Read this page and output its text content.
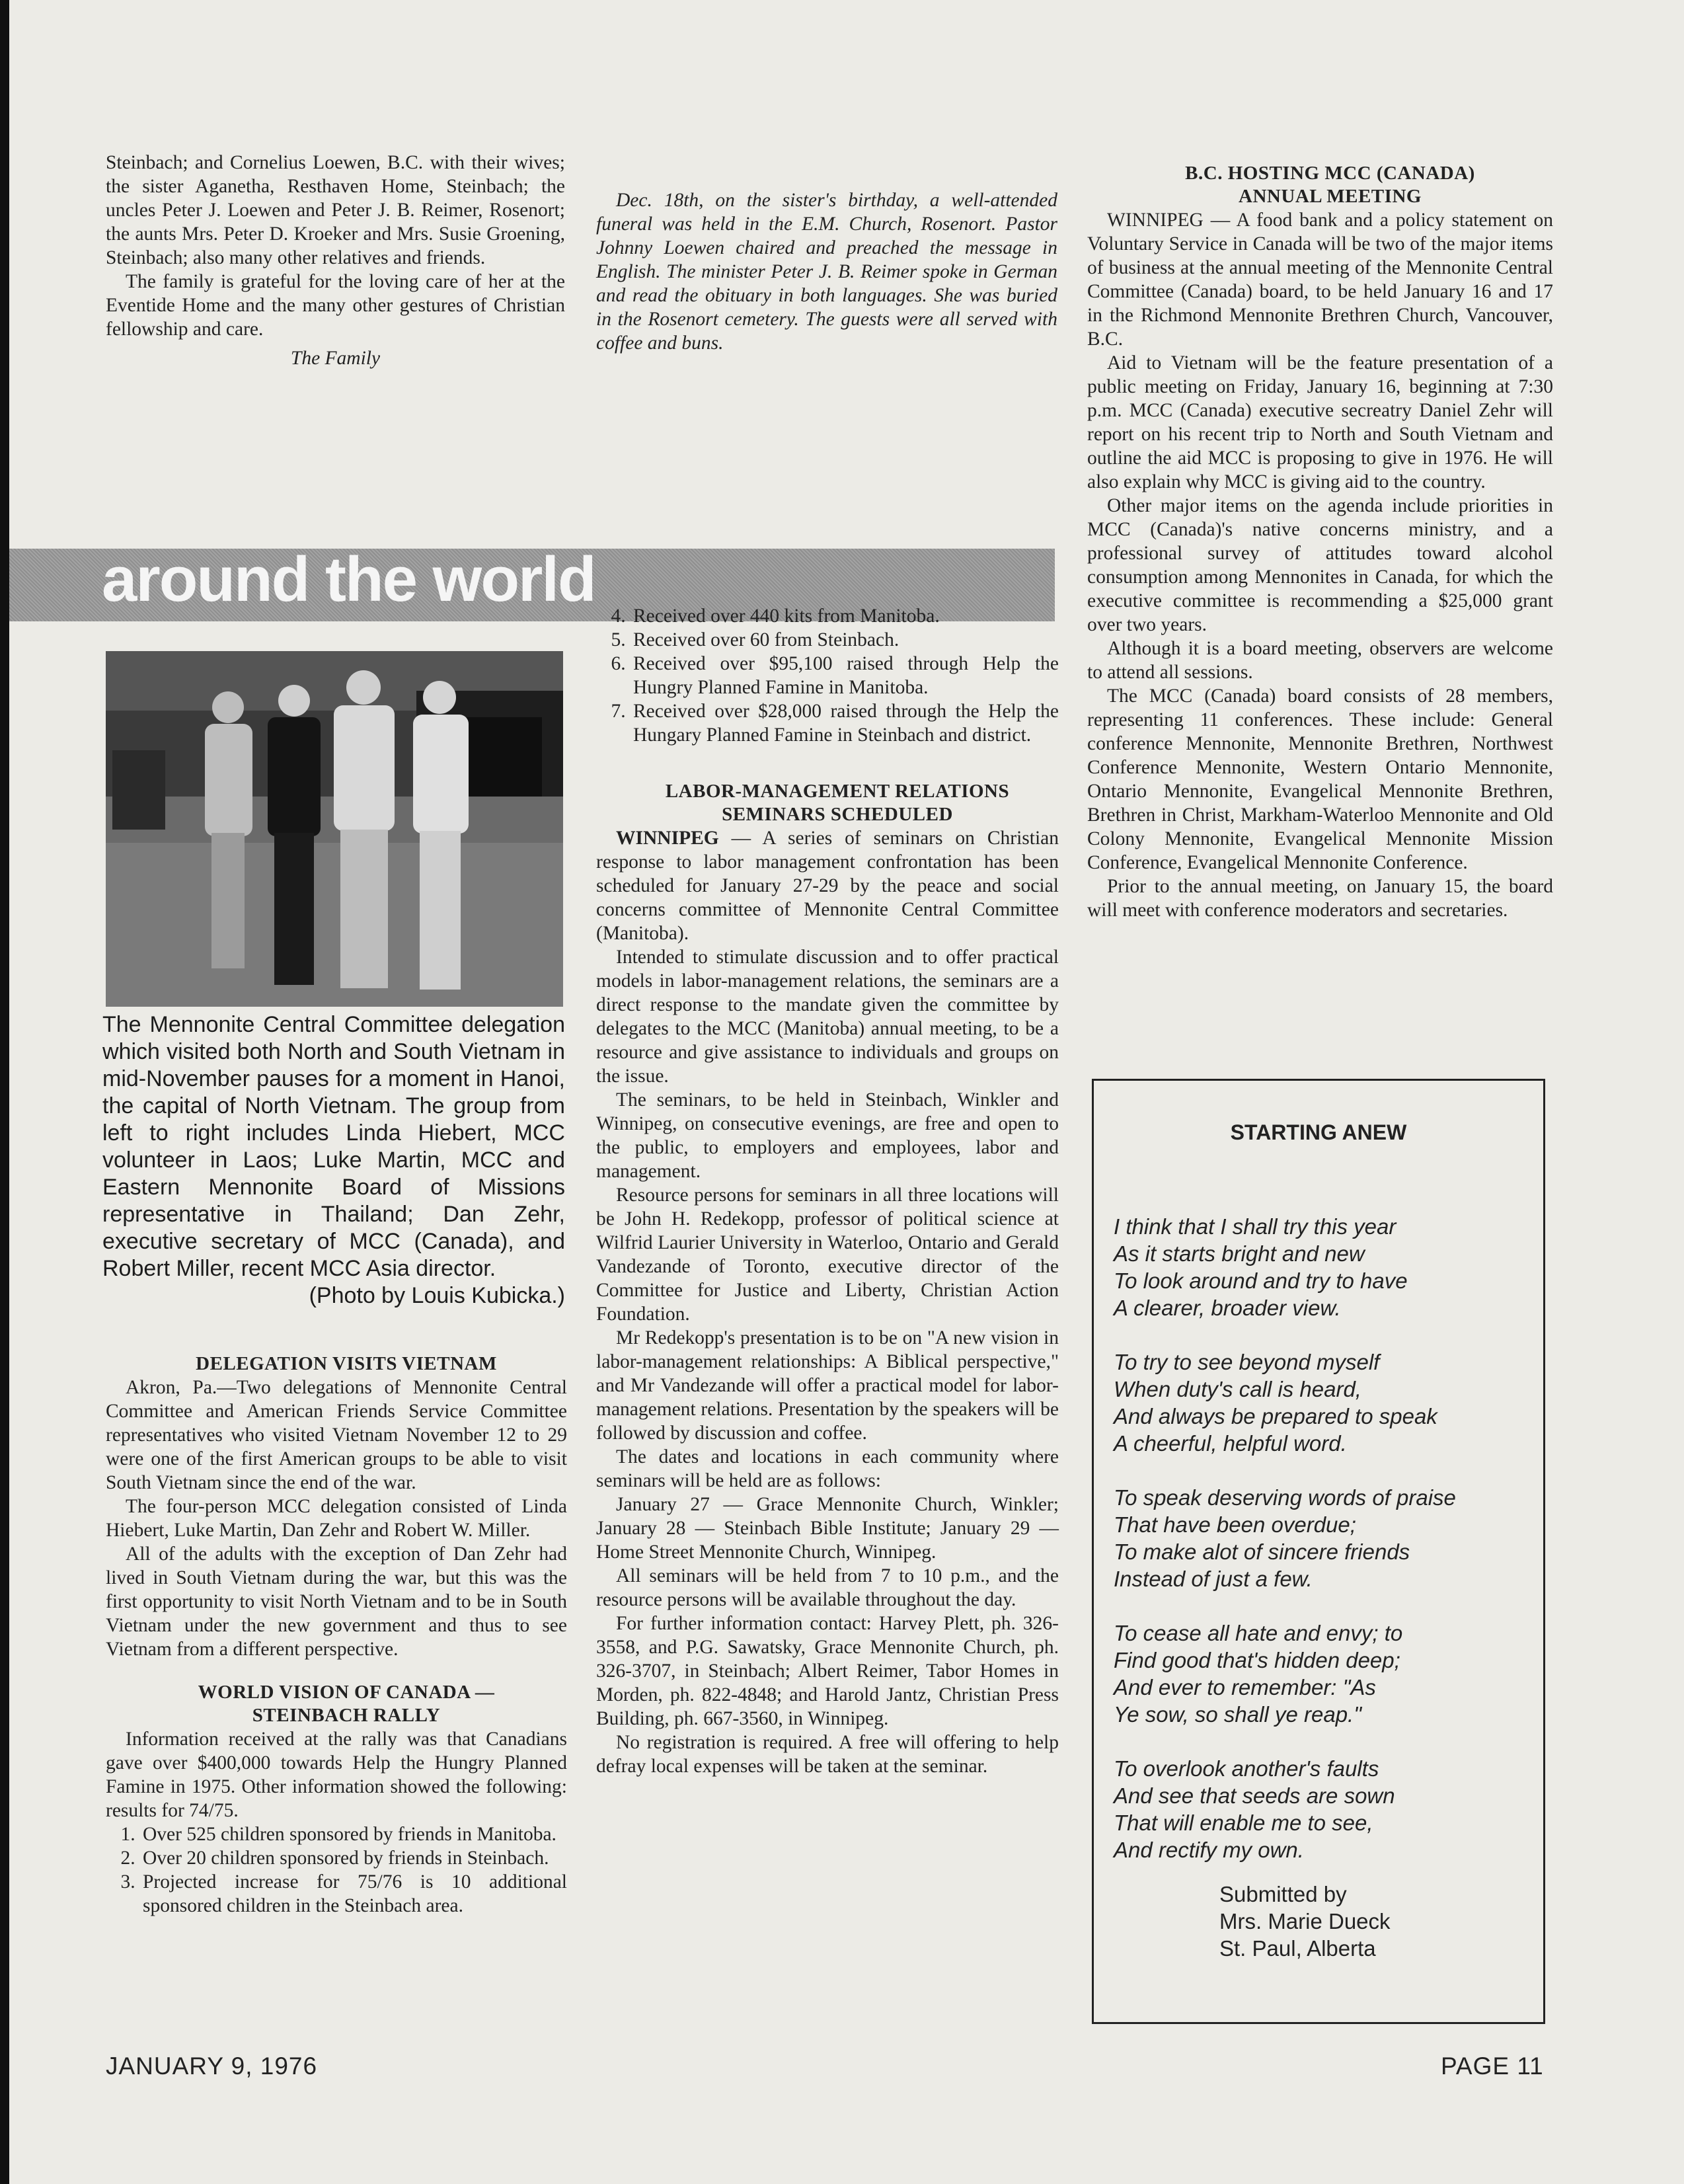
Steinbach; and Cornelius Loewen, B.C. with their wives; the sister Aganetha, Resthaven Home, Steinbach; the uncles Peter J. Loewen and Peter J. B. Reimer, Rosenort; the aunts Mrs. Peter D. Kroeker and Mrs. Susie Groening, Steinbach; also many other relatives and friends.

The family is grateful for the loving care of her at the Eventide Home and the many other gestures of Christian fellowship and care.

The Family

Dec. 18th, on the sister's birthday, a well-attended funeral was held in the E.M. Church, Rosenort. Pastor Johnny Loewen chaired and preached the message in English. The minister Peter J. B. Reimer spoke in German and read the obituary in both languages. She was buried in the Rosenort cemetery. The guests were all served with coffee and buns.

around the world
The Mennonite Central Committee delegation which visited both North and South Vietnam in mid-November pauses for a moment in Hanoi, the capital of North Vietnam. The group from left to right includes Linda Hiebert, MCC volunteer in Laos; Luke Martin, MCC and Eastern Mennonite Board of Missions representative in Thailand; Dan Zehr, executive secretary of MCC (Canada), and Robert Miller, recent MCC Asia director.
(Photo by Louis Kubicka.)

DELEGATION VISITS VIETNAM

Akron, Pa.—Two delegations of Mennonite Central Committee and American Friends Service Committee representatives who visited Vietnam November 12 to 29 were one of the first American groups to be able to visit South Vietnam since the end of the war.

The four-person MCC delegation consisted of Linda Hiebert, Luke Martin, Dan Zehr and Robert W. Miller.

All of the adults with the exception of Dan Zehr had lived in South Vietnam during the war, but this was the first opportunity to visit North Vietnam and to be in South Vietnam under the new government and thus to see Vietnam from a different perspective.

WORLD VISION OF CANADA —

STEINBACH RALLY

Information received at the rally was that Canadians gave over $400,000 towards Help the Hungry Planned Famine in 1975. Other information showed the following: results for 74/75.

1. Over 525 children sponsored by friends in Manitoba.
2. Over 20 children sponsored by friends in Steinbach.
3. Projected increase for 75/76 is 10 additional sponsored children in the Steinbach area.
4. Received over 440 kits from Manitoba.
5. Received over 60 from Steinbach.
6. Received over $95,100 raised through Help the Hungry Planned Famine in Manitoba.
7. Received over $28,000 raised through the Help the Hungary Planned Famine in Steinbach and district.

LABOR-MANAGEMENT RELATIONS

SEMINARS SCHEDULED

WINNIPEG — A series of seminars on Christian response to labor management confrontation has been scheduled for January 27-29 by the peace and social concerns committee of Mennonite Central Committee (Manitoba).

Intended to stimulate discussion and to offer practical models in labor-management relations, the seminars are a direct response to the mandate given the committee by delegates to the MCC (Manitoba) annual meeting, to be a resource and give assistance to individuals and groups on the issue.

The seminars, to be held in Steinbach, Winkler and Winnipeg, on consecutive evenings, are free and open to the public, to employers and employees, labor and management.

Resource persons for seminars in all three locations will be John H. Redekopp, professor of political science at Wilfrid Laurier University in Waterloo, Ontario and Gerald Vandezande of Toronto, executive director of the Committee for Justice and Liberty, Christian Action Foundation.

Mr Redekopp's presentation is to be on "A new vision in labor-management relationships: A Biblical perspective," and Mr Vandezande will offer a practical model for labor-management relations. Presentation by the speakers will be followed by discussion and coffee.

The dates and locations in each community where seminars will be held are as follows:

January 27 — Grace Mennonite Church, Winkler; January 28 — Steinbach Bible Institute; January 29 — Home Street Mennonite Church, Winnipeg.

All seminars will be held from 7 to 10 p.m., and the resource persons will be available throughout the day.

For further information contact: Harvey Plett, ph. 326-3558, and P.G. Sawatsky, Grace Mennonite Church, ph. 326-3707, in Steinbach; Albert Reimer, Tabor Homes in Morden, ph. 822-4848; and Harold Jantz, Christian Press Building, ph. 667-3560, in Winnipeg.

No registration is required. A free will offering to help defray local expenses will be taken at the seminar.

B.C. HOSTING MCC (CANADA)

ANNUAL MEETING

WINNIPEG — A food bank and a policy statement on Voluntary Service in Canada will be two of the major items of business at the annual meeting of the Mennonite Central Committee (Canada) board, to be held January 16 and 17 in the Richmond Mennonite Brethren Church, Vancouver, B.C.

Aid to Vietnam will be the feature presentation of a public meeting on Friday, January 16, beginning at 7:30 p.m. MCC (Canada) executive secreatry Daniel Zehr will report on his recent trip to North and South Vietnam and outline the aid MCC is proposing to give in 1976. He will also explain why MCC is giving aid to the country.

Other major items on the agenda include priorities in MCC (Canada)'s native concerns ministry, and a professional survey of attitudes toward alcohol consumption among Mennonites in Canada, for which the executive committee is recommending a $25,000 grant over two years.

Although it is a board meeting, observers are welcome to attend all sessions.

The MCC (Canada) board consists of 28 members, representing 11 conferences. These include: General conference Mennonite, Mennonite Brethren, Northwest Conference Mennonite, Western Ontario Mennonite, Ontario Mennonite, Evangelical Mennonite Brethren, Brethren in Christ, Markham-Waterloo Mennonite and Old Colony Mennonite, Evangelical Mennonite Mission Conference, Evangelical Mennonite Conference.

Prior to the annual meeting, on January 15, the board will meet with conference moderators and secretaries.

STARTING ANEW
I think that I shall try this year
As it starts bright and new
To look around and try to have
A clearer, broader view.
To try to see beyond myself
When duty's call is heard,
And always be prepared to speak
A cheerful, helpful word.
To speak deserving words of praise
That have been overdue;
To make alot of sincere friends
Instead of just a few.
To cease all hate and envy; to
Find good that's hidden deep;
And ever to remember: "As
Ye sow, so shall ye reap."
To overlook another's faults
And see that seeds are sown
That will enable me to see,
And rectify my own.
Submitted by
Mrs. Marie Dueck
St. Paul, Alberta
JANUARY 9, 1976	PAGE 11
